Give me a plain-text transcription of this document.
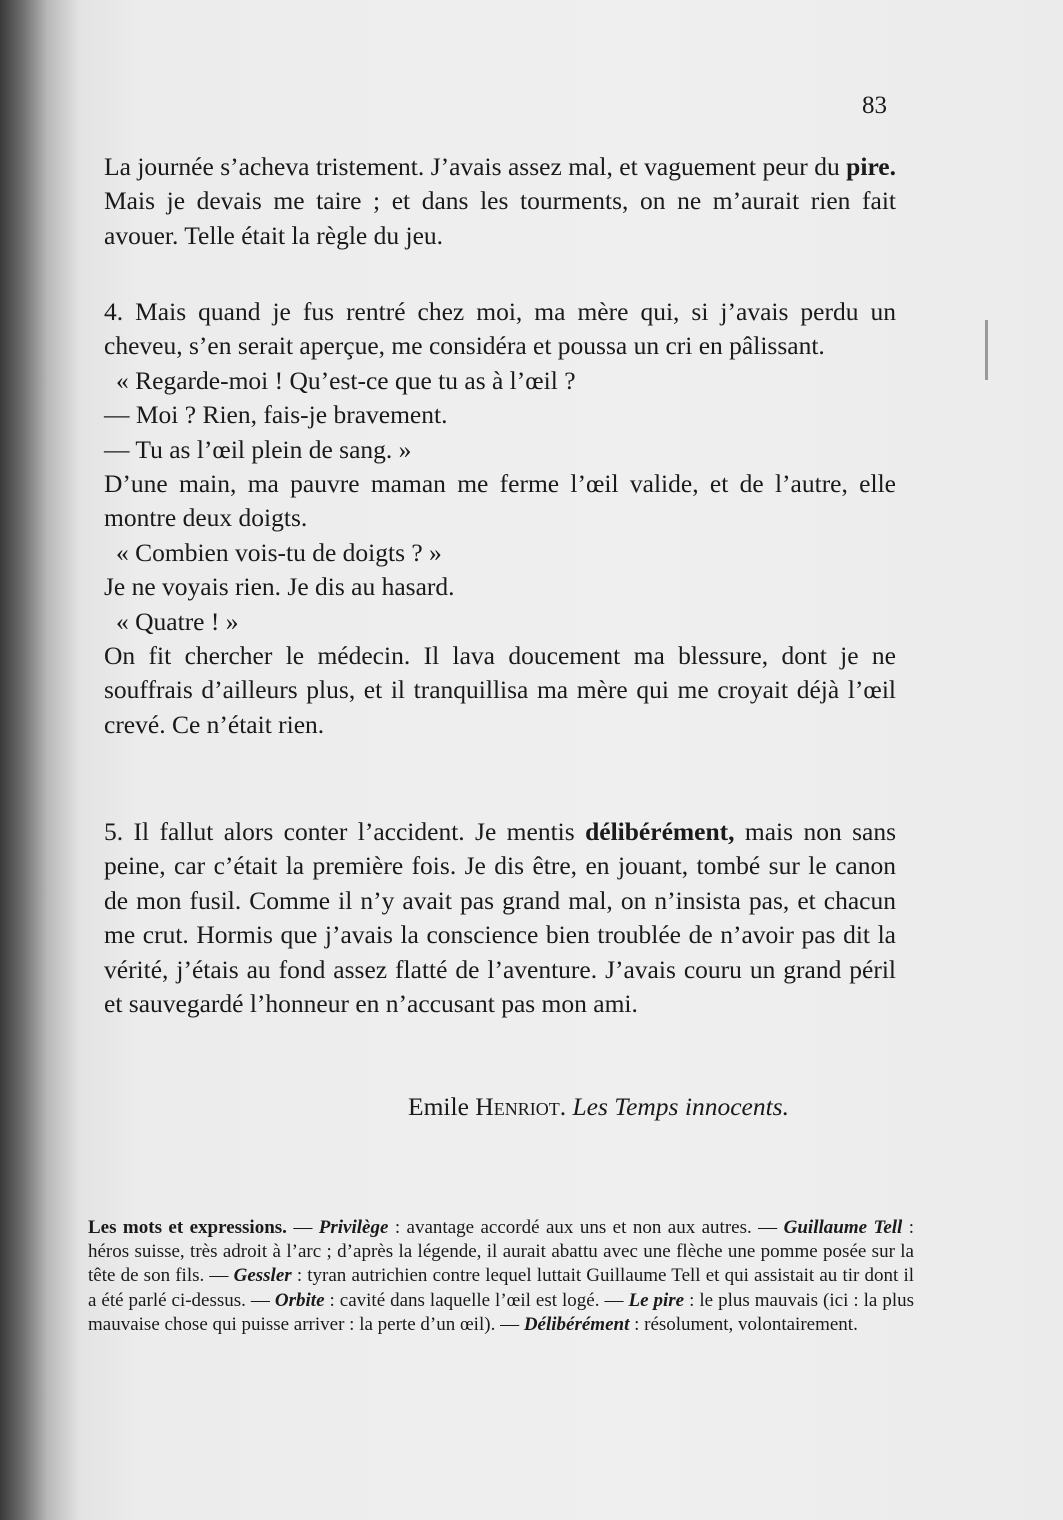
83

La journée s’acheva tristement. J’avais assez mal, et vaguement peur du pire. Mais je devais me taire ; et dans les tourments, on ne m’aurait rien fait avouer. Telle était la règle du jeu.

4. Mais quand je fus rentré chez moi, ma mère qui, si j’avais perdu un cheveu, s’en serait aperçue, me considéra et poussa un cri en pâlissant.

« Regarde-moi ! Qu’est-ce que tu as à l’œil ?

— Moi ? Rien, fais-je bravement.

— Tu as l’œil plein de sang. »

D’une main, ma pauvre maman me ferme l’œil valide, et de l’autre, elle montre deux doigts.

« Combien vois-tu de doigts ? »

Je ne voyais rien. Je dis au hasard.

« Quatre ! »

On fit chercher le médecin. Il lava doucement ma blessure, dont je ne souffrais d’ailleurs plus, et il tranquillisa ma mère qui me croyait déjà l’œil crevé. Ce n’était rien.

5. Il fallut alors conter l’accident. Je mentis délibérément, mais non sans peine, car c’était la première fois. Je dis être, en jouant, tombé sur le canon de mon fusil. Comme il n’y avait pas grand mal, on n’insista pas, et chacun me crut. Hormis que j’avais la conscience bien troublée de n’avoir pas dit la vérité, j’étais au fond assez flatté de l’aventure. J’avais couru un grand péril et sauvegardé l’honneur en n’accusant pas mon ami.

Emile Henriot. Les Temps innocents.
Les mots et expressions. — Privilège : avantage accordé aux uns et non aux autres. — Guillaume Tell : héros suisse, très adroit à l’arc ; d’après la légende, il aurait abattu avec une flèche une pomme posée sur la tête de son fils. — Gessler : tyran autrichien contre lequel luttait Guillaume Tell et qui assistait au tir dont il a été parlé ci-dessus. — Orbite : cavité dans laquelle l’œil est logé. — Le pire : le plus mauvais (ici : la plus mauvaise chose qui puisse arriver : la perte d’un œil). — Délibérément : résolument, volontairement.
